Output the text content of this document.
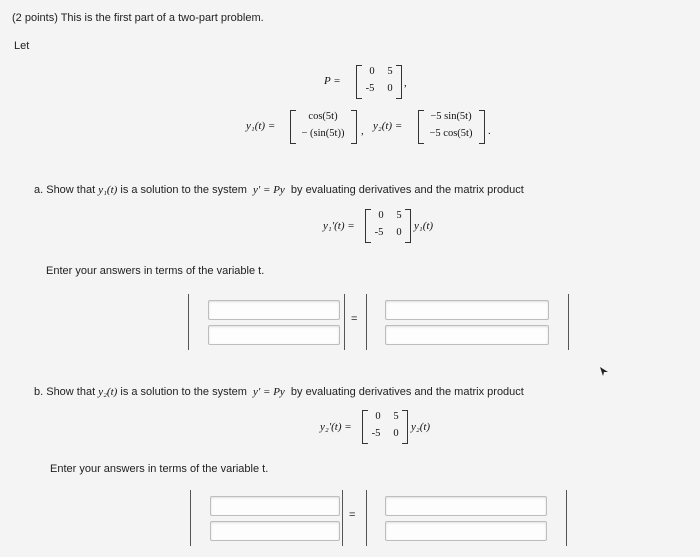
(2 points) This is the first part of a two-part problem.
Let
P =
0	5
-5	0	,
y₁(t) =
cos(5t)
− (sin(5t))	, y₂(t) =
−5 sin(5t)
−5 cos(5t)	.
a. Show that y₁(t) is a solution to the system y′ = Py by evaluating derivatives and the matrix product
y₁′(t) =
0	5
-5	0
y₁(t)
Enter your answers in terms of the variable t.
=
b. Show that y₂(t) is a solution to the system y′ = Py by evaluating derivatives and the matrix product
y₂′(t) =
0	5
-5	0
y₂(t)
Enter your answers in terms of the variable t.
=
